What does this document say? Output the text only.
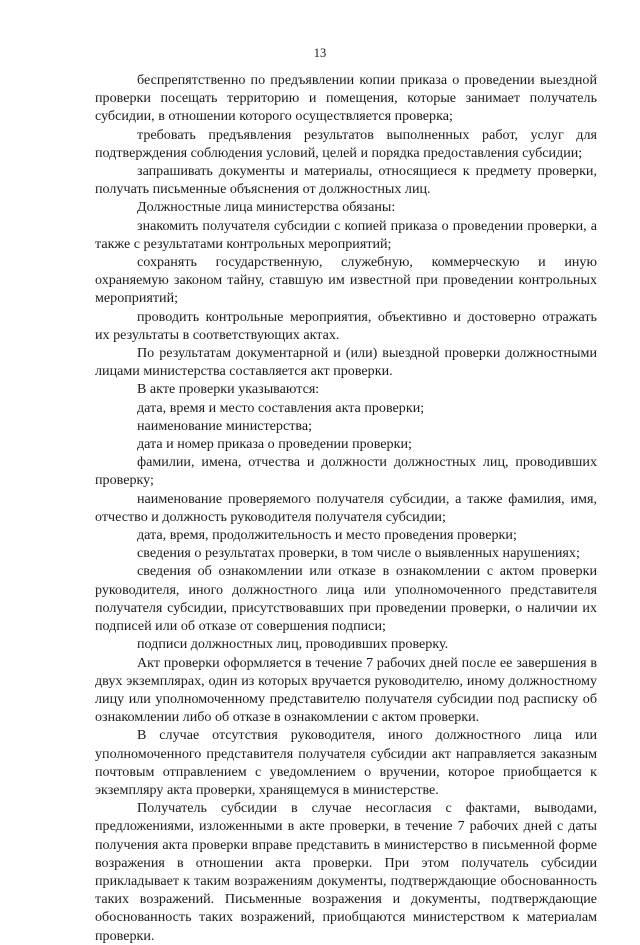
13

беспрепятственно по предъявлении копии приказа о проведении выездной проверки посещать территорию и помещения, которые занимает получатель субсидии, в отношении которого осуществляется проверка;

требовать предъявления результатов выполненных работ, услуг для подтверждения соблюдения условий, целей и порядка предоставления субсидии;

запрашивать документы и материалы, относящиеся к предмету проверки, получать письменные объяснения от должностных лиц.

Должностные лица министерства обязаны:

знакомить получателя субсидии с копией приказа о проведении проверки, а также с результатами контрольных мероприятий;

сохранять государственную, служебную, коммерческую и иную охраняемую законом тайну, ставшую им известной при проведении контрольных мероприятий;

проводить контрольные мероприятия, объективно и достоверно отражать их результаты в соответствующих актах.

По результатам документарной и (или) выездной проверки должностными лицами министерства составляется акт проверки.

В акте проверки указываются:

дата, время и место составления акта проверки;

наименование министерства;

дата и номер приказа о проведении проверки;

фамилии, имена, отчества и должности должностных лиц, проводивших проверку;

наименование проверяемого получателя субсидии, а также фамилия, имя, отчество и должность руководителя получателя субсидии;

дата, время, продолжительность и место проведения проверки;

сведения о результатах проверки, в том числе о выявленных нарушениях;

сведения об ознакомлении или отказе в ознакомлении с актом проверки руководителя, иного должностного лица или уполномоченного представителя получателя субсидии, присутствовавших при проведении проверки, о наличии их подписей или об отказе от совершения подписи;

подписи должностных лиц, проводивших проверку.

Акт проверки оформляется в течение 7 рабочих дней после ее завершения в двух экземплярах, один из которых вручается руководителю, иному должностному лицу или уполномоченному представителю получателя субсидии под расписку об ознакомлении либо об отказе в ознакомлении с актом проверки.

В случае отсутствия руководителя, иного должностного лица или уполномоченного представителя получателя субсидии акт направляется заказным почтовым отправлением с уведомлением о вручении, которое приобщается к экземпляру акта проверки, хранящемуся в министерстве.

Получатель субсидии в случае несогласия с фактами, выводами, предложениями, изложенными в акте проверки, в течение 7 рабочих дней с даты получения акта проверки вправе представить в министерство в письменной форме возражения в отношении акта проверки. При этом получатель субсидии прикладывает к таким возражениям документы, подтверждающие обоснованность таких возражений. Письменные возражения и документы, подтверждающие обоснованность таких возражений, приобщаются министерством к материалам проверки.
